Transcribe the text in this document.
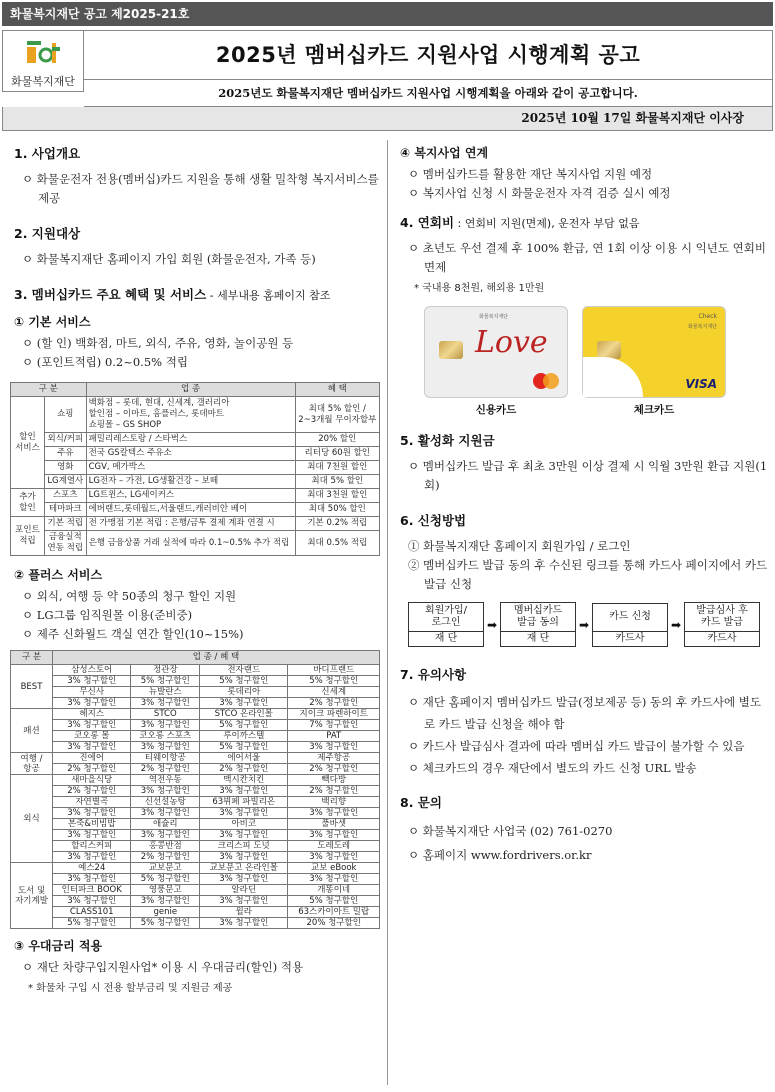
화물복지재단 공고 제2025-21호
화물복지재단
2025년 멤버십카드 지원사업 시행계획 공고
2025년도 화물복지재단 멤버십카드 지원사업 시행계획을 아래와 같이 공고합니다.
2025년 10월 17일 화물복지재단 이사장
1. 사업개요
ㅇ 화물운전자 전용(멤버십)카드 지원을 통해 생활 밀착형 복지서비스를 제공
2. 지원대상
ㅇ 화물복지재단 홈페이지 가입 회원 (화물운전자, 가족 등)
3. 멤버십카드 주요 혜택 및 서비스 - 세부내용 홈페이지 참조
① 기본 서비스
ㅇ (할 인) 백화점, 마트, 외식, 주유, 영화, 놀이공원 등
ㅇ (포인트적립) 0.2~0.5% 적립
구 분		업 종	혜 택
할인
서비스	쇼핑	백화점 – 롯데, 현대, 신세계, 갤러리아
할인점 – 이마트, 홈플러스, 롯데마트
쇼핑몰 – GS SHOP	최대 5% 할인 /
2~3개월 무이자할부
	외식/커피	패밀리레스토랑 / 스타벅스	20% 할인
	주유	전국 GS칼텍스 주유소	리터당 60원 할인
	영화	CGV, 메가박스	최대 7천원 할인
	LG계열사	LG전자 – 가전, LG생활건강 – 보떼	최대 5% 할인
추가
할인	스포츠	LG트윈스, LG세이커스	최대 3천원 할인
	테마파크	에버랜드,롯데월드,서울랜드,캐러비안 베이	최대 50% 할인
포인트
적립	기본 적립	전 가맹점 기본 적립 : 은행/금투 결제 계좌 연결 시	기본 0.2% 적립
	금융실적
연동 적립	은행 금융상품 거래 실적에 따라 0.1~0.5% 추가 적립	최대 0.5% 적립
② 플러스 서비스
ㅇ 외식, 여행 등 약 50종의 청구 할인 지원
ㅇ LG그룹 임직원몰 이용(준비중)
ㅇ 제주 신화월드 객실 연간 할인(10~15%)
구 분	업 종 / 혜 택			
BEST	삼성스토어	정관장	전자랜드	바디프랜드
	3% 청구할인	5% 청구할인	5% 청구할인	5% 청구할인
	무신사	뉴발란스	롯데리아	신세계
	3% 청구할인	3% 청구할인	3% 청구할인	2% 청구할인
패션	헤지스	STCO	STCO 온라인몰	지이크 파렌하이트
	3% 청구할인	3% 청구할인	5% 청구할인	7% 청구할인
	코오롱 몰	코오롱 스포츠	루이까스텔	PAT
	3% 청구할인	3% 청구할인	5% 청구할인	3% 청구할인
여행 /
항공	진에어	티웨이항공	에어서울	제주항공
	2% 청구할인	2% 청구할인	2% 청구할인	2% 청구할인
외식	새마을식당	역전우동	맥시칸치킨	빽다방
	2% 청구할인	3% 청구할인	3% 청구할인	2% 청구할인
	자연별곡	신선설농탕	63뷔페 파빌리온	백리향
	3% 청구할인	3% 청구할인	3% 청구할인	3% 청구할인
	본죽&비빔밥	애슐리	아비코	풀바셋
	3% 청구할인	3% 청구할인	3% 청구할인	3% 청구할인
	할리스커피	홍콩반점	크리스피 도넛	도레도레
	3% 청구할인	2% 청구할인	3% 청구할인	3% 청구할인
도서 및
자기계발	예스24	교보문고	교보문고 온라인몰	교보 eBook
	3% 청구할인	5% 청구할인	3% 청구할인	3% 청구할인
	인터파크 BOOK	영풍문고	알라딘	개똥이네
	3% 청구할인	3% 청구할인	3% 청구할인	5% 청구할인
	CLASS101	genie	윌라	63스카이아트 밀랍
	5% 청구할인	5% 청구할인	3% 청구할인	20% 청구할인
③ 우대금리 적용
ㅇ 재단 차량구입지원사업* 이용 시 우대금리(할인) 적용
* 화물차 구입 시 전용 할부금리 및 지원금 제공
④ 복지사업 연계
ㅇ 멤버십카드를 활용한 재단 복지사업 지원 예정
ㅇ 복지사업 신청 시 화물운전자 자격 검증 실시 예정
4. 연회비 : 연회비 지원(면제), 운전자 부담 없음
ㅇ 초년도 우선 결제 후 100% 환급, 연 1회 이상 이용 시 익년도 연회비 면제
* 국내용 8천원, 해외용 1만원
화물복지재단
Love
신용카드
Check
화물복지재단
VISA
체크카드
5. 활성화 지원금
ㅇ 멤버십카드 발급 후 최초 3만원 이상 결제 시 익월 3만원 환급 지원(1회)
6. 신청방법
① 화물복지재단 홈페이지 회원가입 / 로그인
② 멤버십카드 발급 동의 후 수신된 링크를 통해 카드사 페이지에서 카드 발급 신청
회원가입/
로그인
재 단
➡
멤버십카드
발급 동의
재 단
➡
카드 신청
카드사
➡
발급심사 후
카드 발급
카드사
7. 유의사항
ㅇ 재단 홈페이지 멤버십카드 발급(정보제공 등) 동의 후 카드사에 별도로 카드 발급 신청을 해야 함
ㅇ 카드사 발급심사 결과에 따라 멤버십 카드 발급이 불가할 수 있음
ㅇ 체크카드의 경우 재단에서 별도의 카드 신청 URL 발송
8. 문의
ㅇ 화물복지재단 사업국 (02) 761-0270
ㅇ 홈페이지 www.fordrivers.or.kr
